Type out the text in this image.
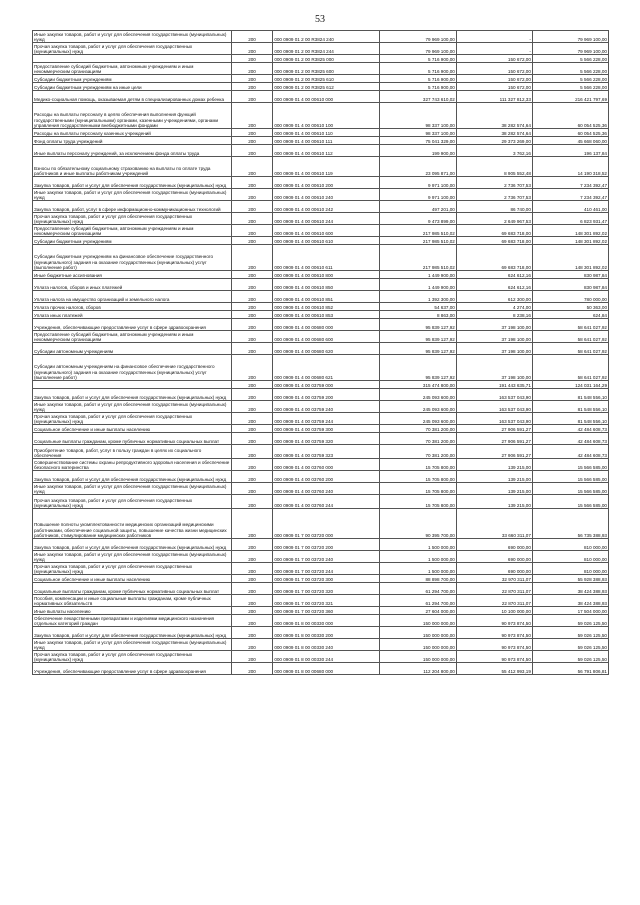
53
Иные закупки товаров, работ и услуг для обеспечения государственных (муниципальных) нужд	200	000 0909 01 2 00 R3824 240	79 969 100,00	-	79 969 100,00
Прочая закупка товаров, работ и услуг для обеспечения государственных (муниципальных) нужд	200	000 0909 01 2 00 R3824 244	79 969 100,00	-	79 969 100,00
	200	000 0909 01 2 00 R3825 000	5 716 900,00	150 672,00	5 566 228,00
Предоставление субсидий бюджетным, автономным учреждениям и иным некоммерческим организациям	200	000 0909 01 2 00 R3825 600	5 716 900,00	150 672,00	5 566 228,00
Субсидии бюджетным учреждениям	200	000 0909 01 2 00 R3825 610	5 716 900,00	150 672,00	5 566 228,00
Субсидии бюджетным учреждениям на иные цели	200	000 0909 01 2 00 R3825 612	5 716 900,00	150 672,00	5 566 228,00
Медико-социальная помощь, оказываемая детям в специализированных домах ребенка	200	000 0909 01 4 00 00610 000	327 743 610,02	111 327 812,33	216 421 797,69
Расходы на выплаты персоналу в целях обеспечения выполнения функций государственными (муниципальными) органами, казенными учреждениями, органами управления государственными внебюджетными фондами	200	000 0909 01 4 00 00610 100	98 337 100,00	38 282 574,64	60 054 525,36
Расходы на выплаты персоналу казенных учреждений	200	000 0909 01 4 00 00610 110	98 337 100,00	38 282 574,64	60 054 525,36
Фонд оплаты труда учреждений	200	000 0909 01 4 00 00610 111	75 041 329,00	29 373 269,00	45 668 060,00
Иные выплаты персоналу учреждений, за исключением фонда оплаты труда	200	000 0909 01 4 00 00610 112	199 900,00	3 762,16	196 137,84
Взносы по обязательному социальному страхованию на выплаты по оплате труда работников и иные выплаты работникам учреждений	200	000 0909 01 4 00 00610 119	23 095 871,00	8 905 552,48	14 190 318,52
Закупка товаров, работ и услуг для обеспечения государственных (муниципальных) нужд	200	000 0909 01 4 00 00610 200	9 971 100,00	2 736 707,53	7 234 392,47
Иные закупки товаров, работ и услуг для обеспечения государственных (муниципальных) нужд	200	000 0909 01 4 00 00610 240	9 971 100,00	2 736 707,53	7 234 392,47
Закупка товаров, работ, услуг в сфере информационно-коммуникационных технологий	200	000 0909 01 4 00 00610 242	497 201,00	86 740,00	410 461,00
Прочая закупка товаров, работ и услуг для обеспечения государственных (муниципальных) нужд	200	000 0909 01 4 00 00610 244	9 473 899,00	2 649 967,53	6 823 931,47
Предоставление субсидий бюджетным, автономным учреждениям и иным некоммерческим организациям	200	000 0909 01 4 00 00610 600	217 985 510,02	69 683 718,00	148 301 892,02
Субсидии бюджетным учреждениям	200	000 0909 01 4 00 00610 610	217 985 510,02	69 683 718,00	148 301 892,02
Субсидии бюджетным учреждениям на финансовое обеспечение государственного (муниципального) задания на оказание государственных (муниципальных) услуг (выполнение работ)	200	000 0909 01 4 00 00610 611	217 985 510,02	69 683 718,00	148 301 892,02
Иные бюджетные ассигнования	200	000 0909 01 4 00 00610 800	1 449 900,00	624 612,16	830 987,84
Уплата налогов, сборов и иных платежей	200	000 0909 01 4 00 00610 850	1 449 900,00	624 612,16	830 987,84
Уплата налога на имущество организаций и земельного налога	200	000 0909 01 4 00 00610 851	1 392 300,00	612 300,00	780 000,00
Уплата прочих налогов, сборов	200	000 0909 01 4 00 00610 852	54 637,00	4 274,00	50 363,00
Уплата иных платежей	200	000 0909 01 4 00 00610 853	8 863,00	8 238,16	624,84
Учреждения, обеспечивающие предоставление услуг в сфере здравоохранения	200	000 0909 01 4 00 00680 000	95 839 127,92	37 198 100,00	58 641 027,92
Предоставление субсидий бюджетным, автономным учреждениям и иным некоммерческим организациям	200	000 0909 01 4 00 00680 600	95 839 127,92	37 198 100,00	58 641 027,92
Субсидии автономным учреждениям	200	000 0909 01 4 00 00680 620	95 839 127,92	37 198 100,00	58 641 027,92
Субсидии автономным учреждениям на финансовое обеспечение государственного (муниципального) задания на оказание государственных (муниципальных) услуг (выполнение работ)	200	000 0909 01 4 00 00680 621	95 839 127,92	37 198 100,00	58 641 027,92
	200	000 0909 01 4 00 03759 000	315 474 800,00	191 443 635,71	124 031 164,29
Закупка товаров, работ и услуг для обеспечения государственных (муниципальных) нужд	200	000 0909 01 4 00 03759 200	245 093 600,00	163 537 043,90	81 548 556,10
Иные закупки товаров, работ и услуг для обеспечения государственных (муниципальных) нужд	200	000 0909 01 4 00 03759 240	245 093 600,00	163 537 043,90	81 548 556,10
Прочая закупка товаров, работ и услуг для обеспечения государственных (муниципальных) нужд	200	000 0909 01 4 00 03759 244	245 093 600,00	163 537 043,90	81 548 556,10
Социальное обеспечение и иные выплаты населению	200	000 0909 01 4 00 03759 300	70 381 200,00	27 906 591,27	42 484 608,73
Социальные выплаты гражданам, кроме публичных нормативных социальных выплат	200	000 0909 01 4 00 03759 320	70 381 200,00	27 906 591,27	42 484 608,73
Приобретение товаров, работ, услуг в пользу граждан в целях их социального обеспечения	200	000 0909 01 4 00 03759 323	70 381 200,00	27 906 591,27	42 484 608,73
Совершенствование системы охраны репродуктивного здоровья населения и обеспечение безопасного материнства	200	000 0909 01 4 00 03760 000	15 705 800,00	139 215,00	15 566 585,00
Закупка товаров, работ и услуг для обеспечения государственных (муниципальных) нужд	200	000 0909 01 4 00 03760 200	15 705 800,00	139 215,00	15 566 585,00
Иные закупки товаров, работ и услуг для обеспечения государственных (муниципальных) нужд	200	000 0909 01 4 00 03760 240	15 705 800,00	139 215,00	15 566 585,00
Прочая закупка товаров, работ и услуг для обеспечения государственных (муниципальных) нужд	200	000 0909 01 4 00 03760 244	15 705 800,00	139 215,00	15 566 585,00
Повышение полноты укомплектованности медицинских организаций медицинскими работниками, обеспечение социальной защиты, повышение качества жизни медицинских работников, стимулирование медицинских работников	200	000 0909 01 7 00 03720 000	90 395 700,00	33 660 311,07	56 735 388,93
Закупка товаров, работ и услуг для обеспечения государственных (муниципальных) нужд	200	000 0909 01 7 00 03720 200	1 500 000,00	690 000,00	810 000,00
Иные закупки товаров, работ и услуг для обеспечения государственных (муниципальных) нужд	200	000 0909 01 7 00 03720 240	1 500 000,00	690 000,00	810 000,00
Прочая закупка товаров, работ и услуг для обеспечения государственных (муниципальных) нужд	200	000 0909 01 7 00 03720 244	1 500 000,00	690 000,00	810 000,00
Социальное обеспечение и иные выплаты населению	200	000 0909 01 7 00 03720 300	88 898 700,00	32 970 311,07	55 928 388,93
Социальные выплаты гражданам, кроме публичных нормативных социальных выплат	200	000 0909 01 7 00 03720 320	61 294 700,00	22 870 311,07	38 424 388,93
Пособия, компенсации и иные социальные выплаты гражданам, кроме публичных нормативных обязательств	200	000 0909 01 7 00 03720 321	61 294 700,00	22 870 311,07	38 424 388,93
Иные выплаты населению	200	000 0909 01 7 00 03720 360	27 604 000,00	10 100 000,00	17 504 000,00
Обеспечение лекарственными препаратами и изделиями медицинского назначения отдельных категорий граждан	200	000 0909 01 8 00 00330 000	150 000 000,00	90 973 874,50	59 026 125,50
Закупка товаров, работ и услуг для обеспечения государственных (муниципальных) нужд	200	000 0909 01 8 00 00330 200	150 000 000,00	90 973 874,50	59 026 125,50
Иные закупки товаров, работ и услуг для обеспечения государственных (муниципальных) нужд	200	000 0909 01 8 00 00330 240	150 000 000,00	90 973 874,50	59 026 125,50
Прочая закупка товаров, работ и услуг для обеспечения государственных (муниципальных) нужд	200	000 0909 01 8 00 00330 244	150 000 000,00	90 973 874,50	59 026 125,50
Учреждения, обеспечивающие предоставление услуг в сфере здравоохранения	200	000 0909 01 8 00 00680 000	112 204 800,00	55 412 993,19	56 791 806,81
